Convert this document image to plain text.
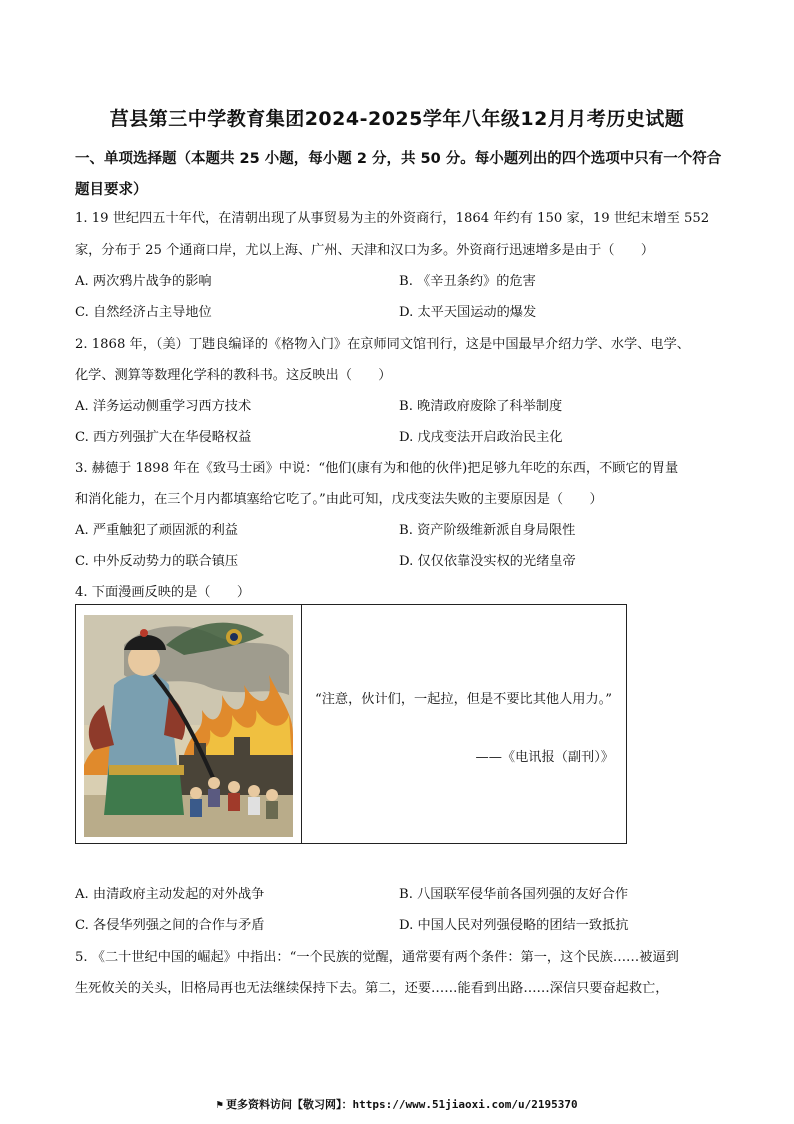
莒县第三中学教育集团2024-2025学年八年级12月月考历史试题
一、单项选择题（本题共 25 小题，每小题 2 分，共 50 分。每小题列出的四个选项中只有一个符合题目要求）
1. 19 世纪四五十年代，在清朝出现了从事贸易为主的外资商行，1864 年约有 150 家，19 世纪末增至 552
家，分布于 25 个通商口岸，尤以上海、广州、天津和汉口为多。外资商行迅速增多是由于（　　）
A. 两次鸦片战争的影响	B. 《辛丑条约》的危害
C. 自然经济占主导地位	D. 太平天国运动的爆发
2. 1868 年，（美）丁韪良编译的《格物入门》在京师同文馆刊行，这是中国最早介绍力学、水学、电学、
化学、测算等数理化学科的教科书。这反映出（　　）
A. 洋务运动侧重学习西方技术	B. 晚清政府废除了科举制度
C. 西方列强扩大在华侵略权益	D. 戊戌变法开启政治民主化
3. 赫德于 1898 年在《致马士函》中说：“他们(康有为和他的伙伴)把足够九年吃的东西，不顾它的胃量
和消化能力，在三个月内都填塞给它吃了。”由此可知，戊戌变法失败的主要原因是（　　）
A. 严重触犯了顽固派的利益	B. 资产阶级维新派自身局限性
C. 中外反动势力的联合镇压	D. 仅仅依靠没实权的光绪皇帝
4. 下面漫画反映的是（　　）
“注意，伙计们，一起拉，但是不要比其他人用力。”
——《电讯报（副刊）》
A. 由清政府主动发起的对外战争	B. 八国联军侵华前各国列强的友好合作
C. 各侵华列强之间的合作与矛盾	D. 中国人民对列强侵略的团结一致抵抗
5. 《二十世纪中国的崛起》中指出：“一个民族的觉醒，通常要有两个条件：第一，这个民族……被逼到
生死攸关的关头，旧格局再也无法继续保持下去。第二，还要……能看到出路……深信只要奋起救亡，
⚑ 更多资料访问【敬习网】：https://www.51jiaoxi.com/u/2195370
